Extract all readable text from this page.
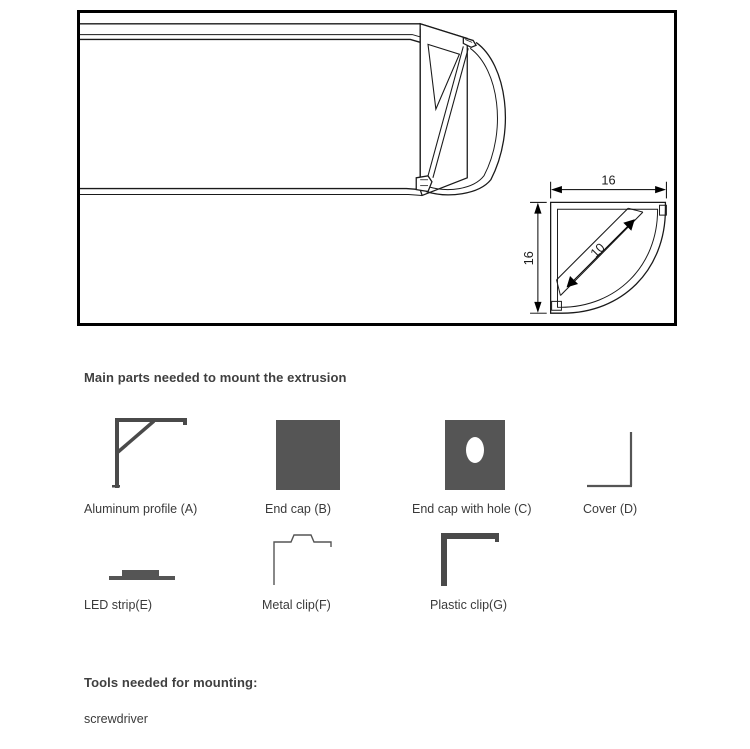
16
16	10
Main parts needed to mount the extrusion
Aluminum profile (A)	End cap (B)	End cap with hole (C)	Cover (D)
LED strip(E)	Metal clip(F)	Plastic clip(G)
Tools needed for mounting:
screwdriver
